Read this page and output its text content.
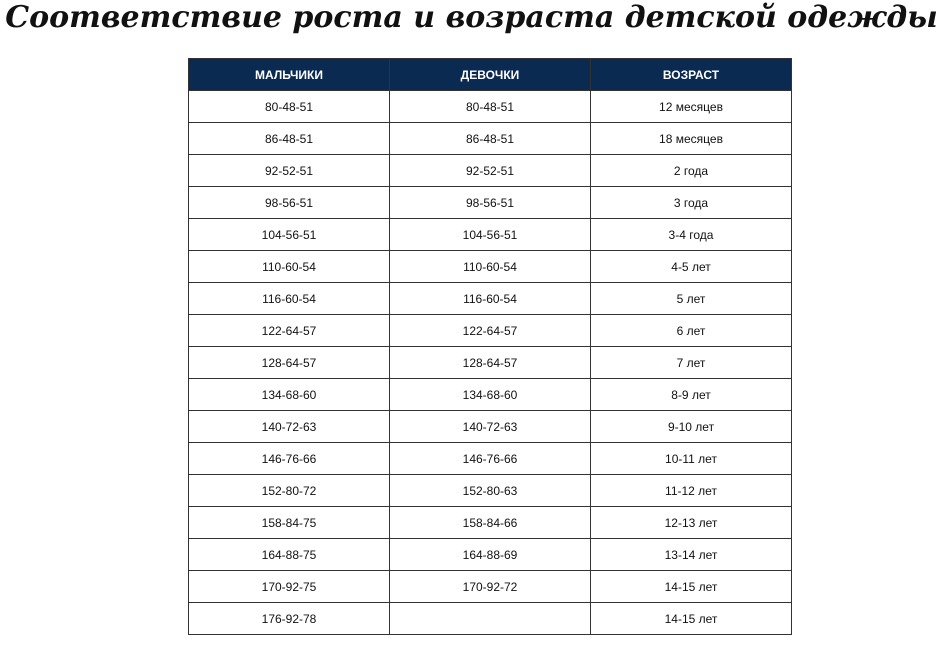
Соответствие роста и возраста детской одежды
МАЛЬЧИКИ	ДЕВОЧКИ	ВОЗРАСТ
80-48-51	80-48-51	12 месяцев
86-48-51	86-48-51	18 месяцев
92-52-51	92-52-51	2 года
98-56-51	98-56-51	3 года
104-56-51	104-56-51	3-4 года
110-60-54	110-60-54	4-5 лет
116-60-54	116-60-54	5 лет
122-64-57	122-64-57	6 лет
128-64-57	128-64-57	7 лет
134-68-60	134-68-60	8-9 лет
140-72-63	140-72-63	9-10 лет
146-76-66	146-76-66	10-11 лет
152-80-72	152-80-63	11-12 лет
158-84-75	158-84-66	12-13 лет
164-88-75	164-88-69	13-14 лет
170-92-75	170-92-72	14-15 лет
176-92-78		14-15 лет
